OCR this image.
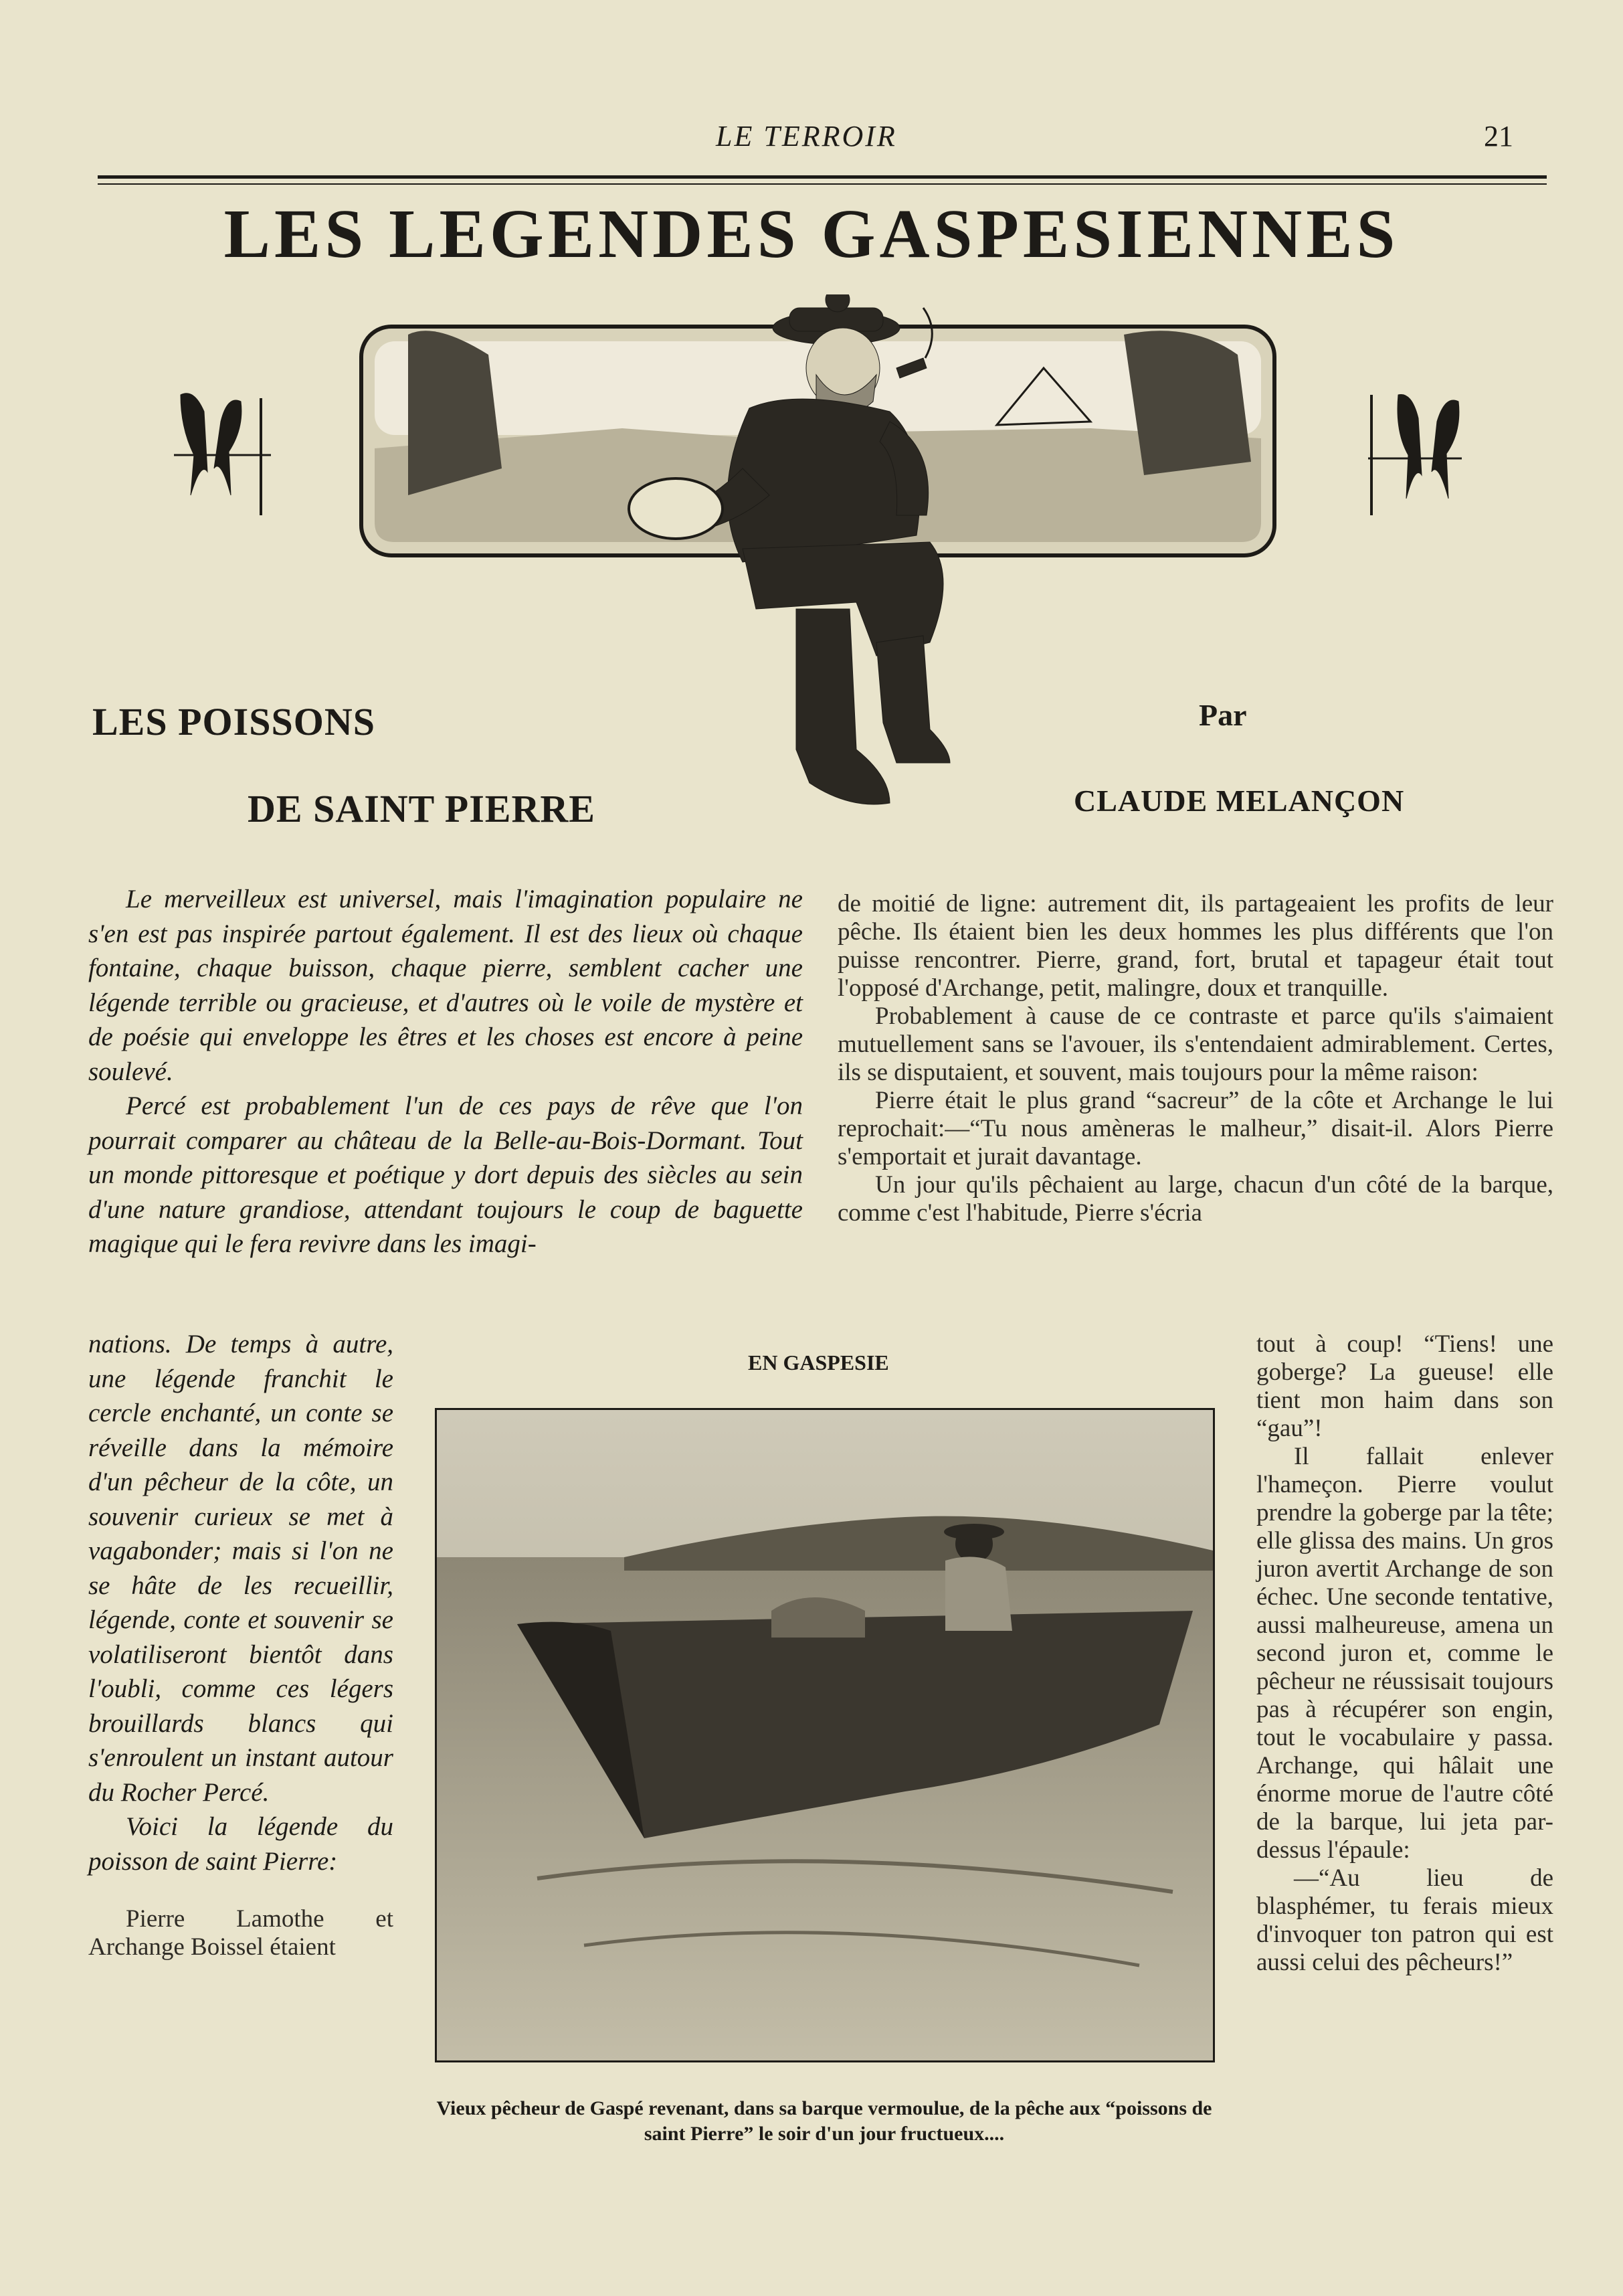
LE TERROIR	21
LES LEGENDES GASPESIENNES
LES POISSONS
DE SAINT PIERRE
Par
CLAUDE MELANÇON

Le merveilleux est universel, mais l'imagination populaire ne s'en est pas inspirée partout également. Il est des lieux où chaque fontaine, chaque buisson, chaque pierre, semblent cacher une légende terrible ou gracieuse, et d'autres où le voile de mystère et de poésie qui enveloppe les êtres et les choses est encore à peine soulevé.

Percé est probablement l'un de ces pays de rêve que l'on pourrait comparer au château de la Belle-au-Bois-Dormant. Tout un monde pittoresque et poétique y dort depuis des siècles au sein d'une nature grandiose, attendant toujours le coup de baguette magique qui le fera revivre dans les imagi-

nations. De temps à autre, une légende franchit le cercle enchanté, un conte se réveille dans la mémoire d'un pêcheur de la côte, un souvenir curieux se met à vagabonder; mais si l'on ne se hâte de les recueillir, légende, conte et souvenir se volatiliseront bientôt dans l'oubli, comme ces légers brouillards blancs qui s'enroulent un instant autour du Rocher Percé.

Voici la légende du poisson de saint Pierre:

Pierre Lamothe et Archange Boissel étaient

de moitié de ligne: autrement dit, ils partageaient les profits de leur pêche. Ils étaient bien les deux hommes les plus différents que l'on puisse rencontrer. Pierre, grand, fort, brutal et tapageur était tout l'opposé d'Archange, petit, malingre, doux et tranquille.

Probablement à cause de ce contraste et parce qu'ils s'aimaient mutuellement sans se l'avouer, ils s'entendaient admirablement. Certes, ils se disputaient, et souvent, mais toujours pour la même raison:

Pierre était le plus grand “sacreur” de la côte et Archange le lui reprochait:—“Tu nous amèneras le malheur,” disait-il. Alors Pierre s'emportait et jurait davantage.

Un jour qu'ils pêchaient au large, chacun d'un côté de la barque, comme c'est l'habitude, Pierre s'écria

tout à coup! “Tiens! une goberge? La gueuse! elle tient mon haim dans son “gau”!

Il fallait enlever l'hameçon. Pierre voulut prendre la goberge par la tête; elle glissa des mains. Un gros juron avertit Archange de son échec. Une seconde tentative, aussi malheureuse, amena un second juron et, comme le pêcheur ne réussisait toujours pas à récupérer son engin, tout le vocabulaire y passa. Archange, qui hâlait une énorme morue de l'autre côté de la barque, lui jeta par-dessus l'épaule:

—“Au lieu de blasphémer, tu ferais mieux d'invoquer ton patron qui est aussi celui des pêcheurs!”

EN GASPESIE
Vieux pêcheur de Gaspé revenant, dans sa barque vermoulue, de la pêche aux “poissons de saint Pierre” le soir d'un jour fructueux....
